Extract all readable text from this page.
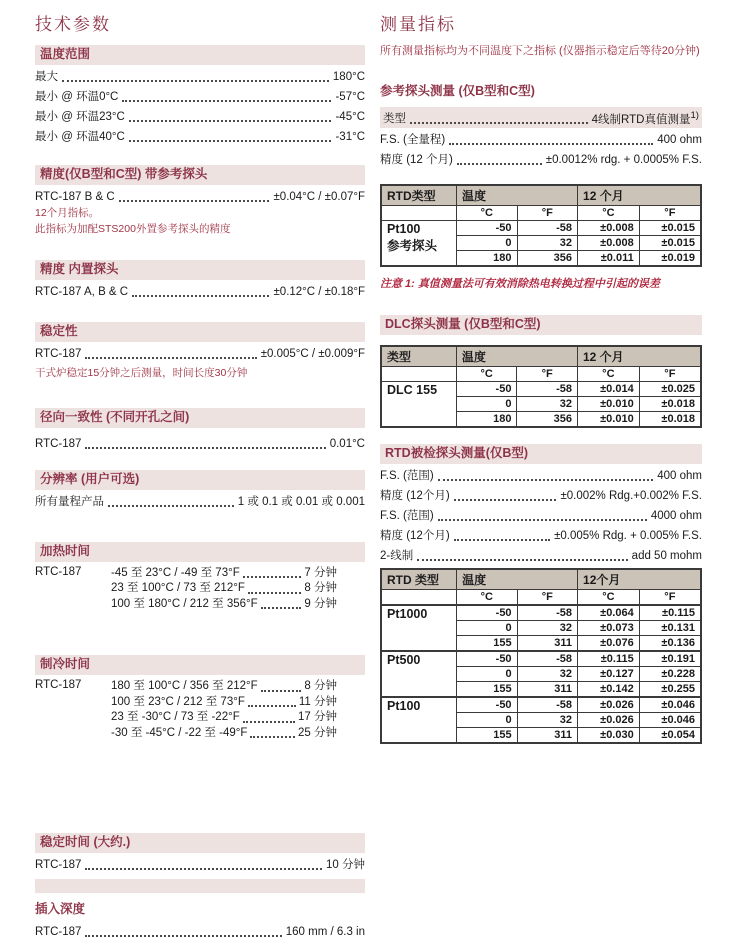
技术参数
温度范围
最大	180°C
最小 @ 环温0°C	-57°C
最小 @ 环温23°C	-45°C
最小 @ 环温40°C	-31°C
精度(仅B型和C型) 带参考探头
RTC-187 B & C	±0.04°C / ±0.07°F
12个月指标。
此指标为加配STS200外置参考探头的精度
精度 内置探头
RTC-187 A, B & C	±0.12°C / ±0.18°F
稳定性
RTC-187	±0.005°C / ±0.009°F
干式炉稳定15分钟之后测量，时间长度30分钟
径向一致性 (不同开孔之间)
RTC-187	0.01°C
分辨率 (用户可选)
所有量程产品	1 或 0.1 或 0.01 或 0.001
加热时间
RTC-187	-45 至 23°C / -49 至 73°F	7 分钟
23 至 100°C / 73 至 212°F	8 分钟
100 至 180°C / 212 至 356°F	9 分钟
制冷时间
RTC-187	180 至 100°C / 356 至 212°F	8 分钟
100 至 23°C / 212 至 73°F	11 分钟
23 至 -30°C / 73 至 -22°F	17 分钟
-30 至 -45°C / -22 至 -49°F	25 分钟
稳定时间 (大约.)
RTC-187	10 分钟
插入深度
RTC-187	160 mm / 6.3 in
测量指标
所有测量指标均为不同温度下之指标 (仪器指示稳定后等待20分钟)
参考探头测量 (仅B型和C型)
类型	4线制RTD真值测量$^{1)}$
F.S. (全量程)	400 ohm
精度 (12 个月)	±0.0012% rdg. + 0.0005% F.S.
RTD类型	温度		12 个月	
	°C	°F	°C	°F

Pt100
参考探头	-50	-58	±0.008	±0.015
	0	32	±0.008	±0.015
	180	356	±0.011	±0.019
注意 1: 真值测量法可有效消除热电转换过程中引起的误差
DLC探头测量 (仅B型和C型)
类型	温度		12 个月	
	°C	°F	°C	°F
DLC 155	-50	-58	±0.014	±0.025
	0	32	±0.010	±0.018
	180	356	±0.010	±0.018
RTD被检探头测量(仅B型)
F.S. (范围)	400 ohm
精度 (12个月)	±0.002% Rdg.+0.002% F.S.
F.S. (范围)	4000 ohm
精度 (12个月)	±0.005% Rdg. + 0.005% F.S.
2-线制	add 50 mohm
RTD 类型	温度		12个月	
	°C	°F	°C	°F
Pt1000	-50	-58	±0.064	±0.115
	0	32	±0.073	±0.131
	155	311	±0.076	±0.136
Pt500	-50	-58	±0.115	±0.191
	0	32	±0.127	±0.228
	155	311	±0.142	±0.255
Pt100	-50	-58	±0.026	±0.046
	0	32	±0.026	±0.046
	155	311	±0.030	±0.054
